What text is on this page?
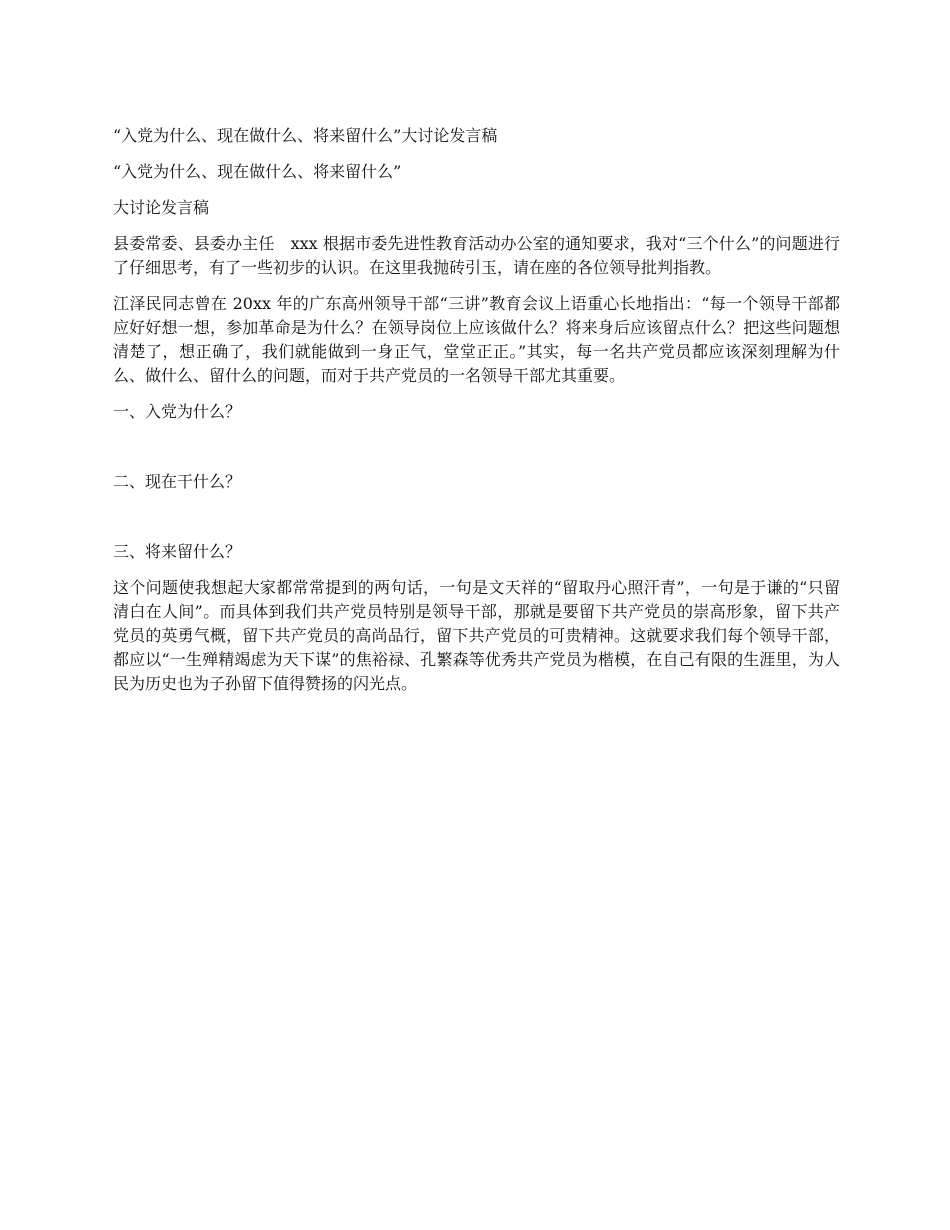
“入党为什么、现在做什么、将来留什么”大讨论发言稿

“入党为什么、现在做什么、将来留什么”

大讨论发言稿

县委常委、县委办主任　xxx 根据市委先进性教育活动办公室的通知要求，我对“三个什么”的问题进行了仔细思考，有了一些初步的认识。在这里我抛砖引玉，请在座的各位领导批判指教。

江泽民同志曾在 20xx 年的广东高州领导干部“三讲”教育会议上语重心长地指出：“每一个领导干部都应好好想一想，参加革命是为什么？在领导岗位上应该做什么？将来身后应该留点什么？把这些问题想清楚了，想正确了，我们就能做到一身正气，堂堂正正。”其实，每一名共产党员都应该深刻理解为什么、做什么、留什么的问题，而对于共产党员的一名领导干部尤其重要。

一、入党为什么？

二、现在干什么？

三、将来留什么？

这个问题使我想起大家都常常提到的两句话，一句是文天祥的“留取丹心照汗青”，一句是于谦的“只留清白在人间”。而具体到我们共产党员特别是领导干部，那就是要留下共产党员的崇高形象，留下共产党员的英勇气概，留下共产党员的高尚品行，留下共产党员的可贵精神。这就要求我们每个领导干部，都应以“一生殚精竭虑为天下谋”的焦裕禄、孔繁森等优秀共产党员为楷模，在自己有限的生涯里，为人民为历史也为子孙留下值得赞扬的闪光点。
